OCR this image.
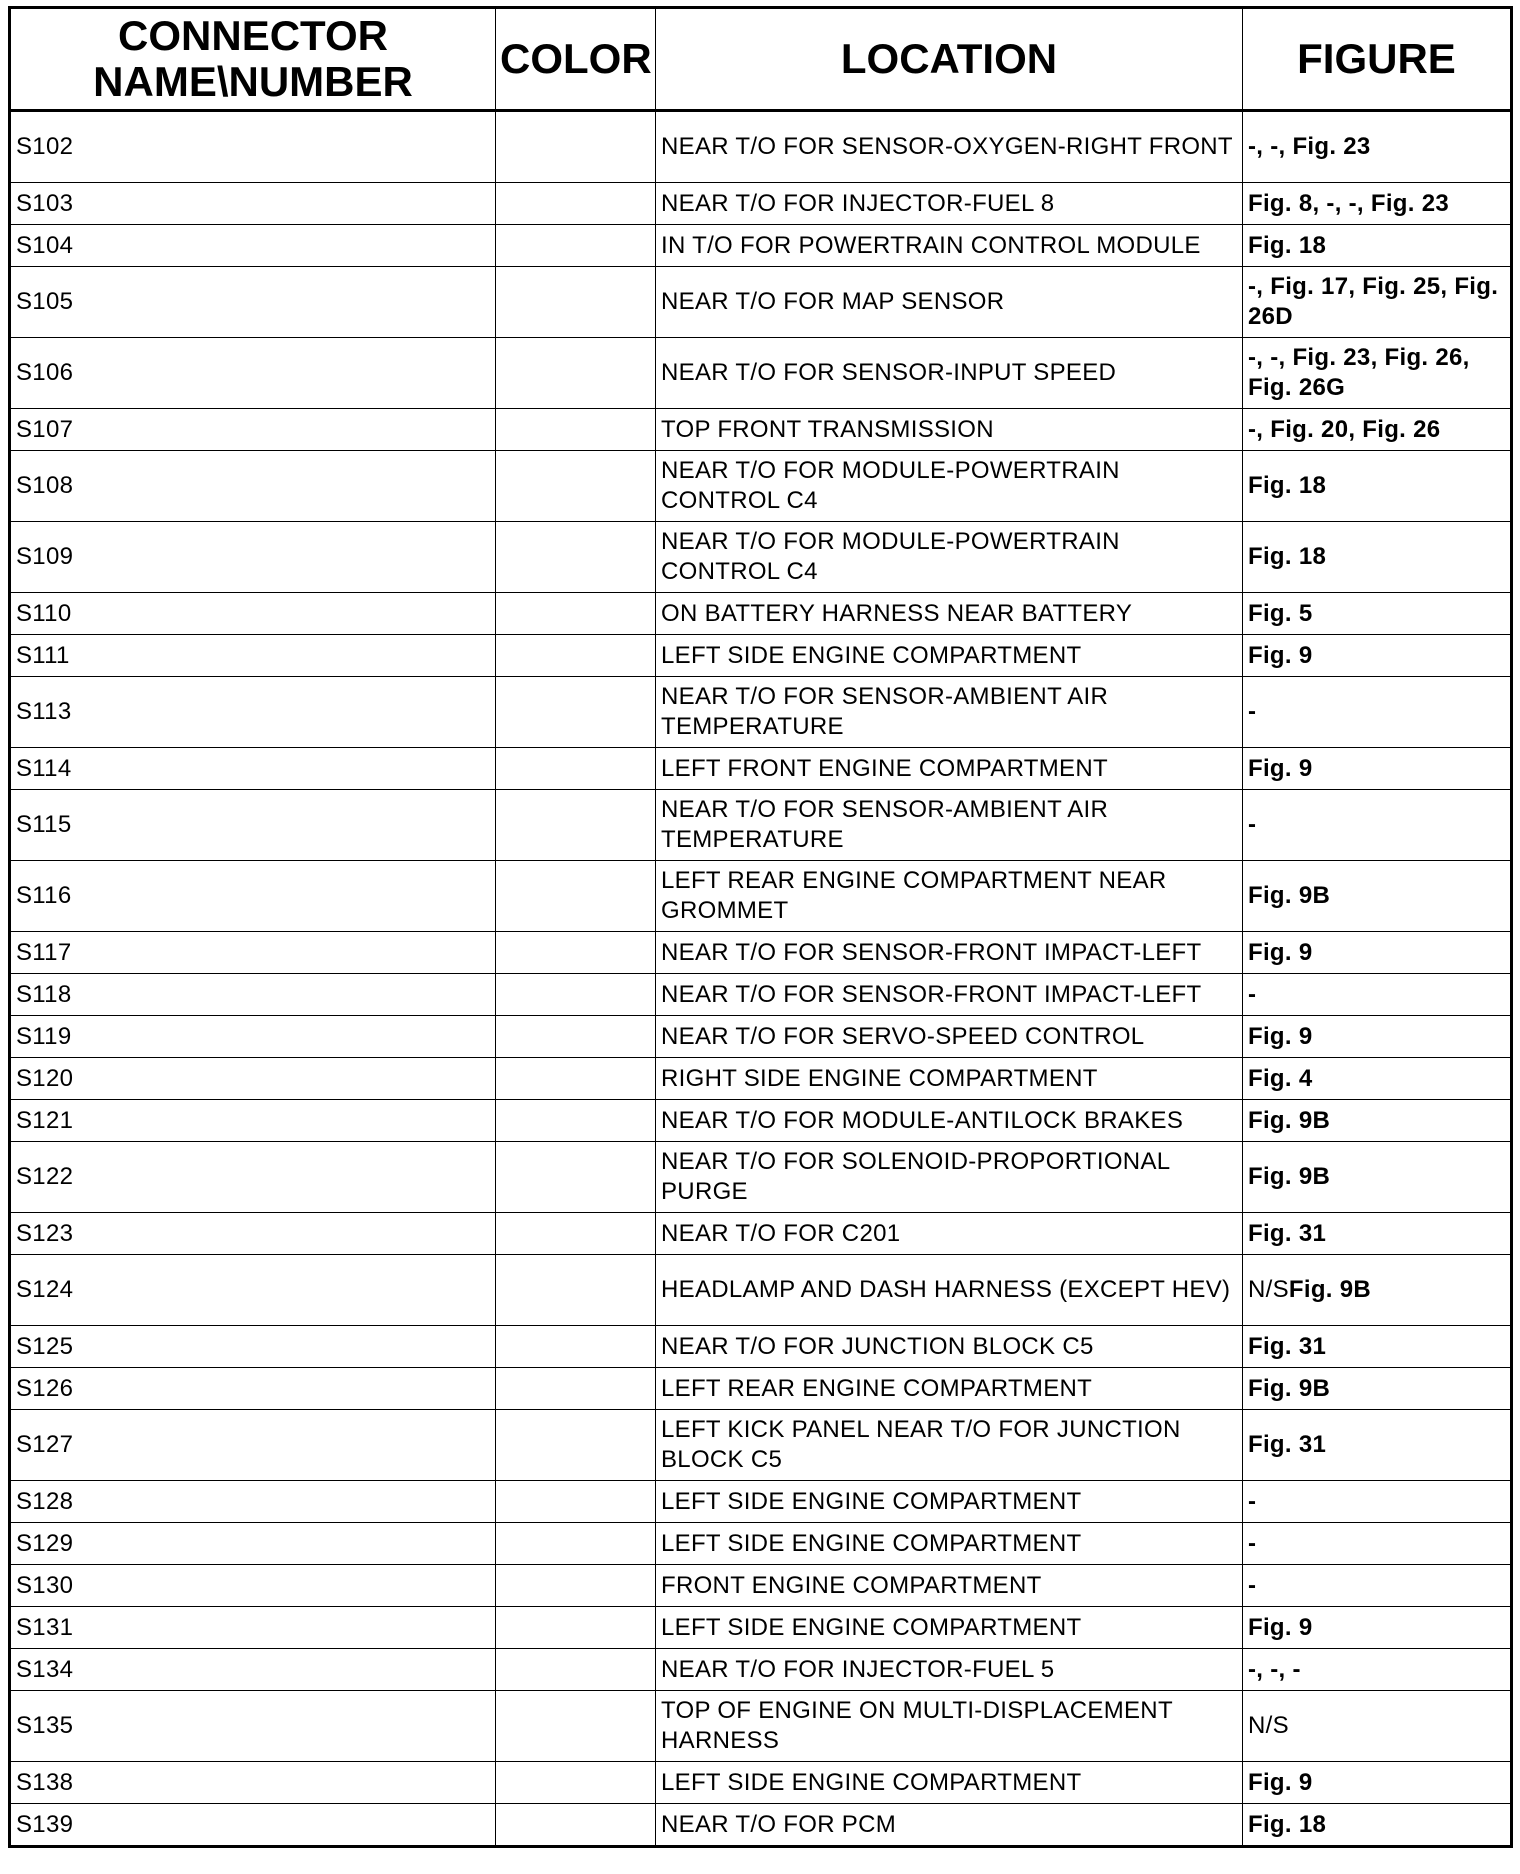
CONNECTOR
NAME\NUMBER	COLOR	LOCATION	FIGURE
S102		NEAR T/O FOR SENSOR-OXYGEN-RIGHT FRONT	-, -, Fig. 23
S103		NEAR T/O FOR INJECTOR-FUEL 8	Fig. 8, -, -, Fig. 23
S104		IN T/O FOR POWERTRAIN CONTROL MODULE	Fig. 18
S105		NEAR T/O FOR MAP SENSOR	-, Fig. 17, Fig. 25, Fig. 26D
S106		NEAR T/O FOR SENSOR-INPUT SPEED	-, -, Fig. 23, Fig. 26, Fig. 26G
S107		TOP FRONT TRANSMISSION	-, Fig. 20, Fig. 26
S108		NEAR T/O FOR MODULE-POWERTRAIN CONTROL C4	Fig. 18
S109		NEAR T/O FOR MODULE-POWERTRAIN CONTROL C4	Fig. 18
S110		ON BATTERY HARNESS NEAR BATTERY	Fig. 5
S111		LEFT SIDE ENGINE COMPARTMENT	Fig. 9
S113		NEAR T/O FOR SENSOR-AMBIENT AIR TEMPERATURE	-
S114		LEFT FRONT ENGINE COMPARTMENT	Fig. 9
S115		NEAR T/O FOR SENSOR-AMBIENT AIR TEMPERATURE	-
S116		LEFT REAR ENGINE COMPARTMENT NEAR GROMMET	Fig. 9B
S117		NEAR T/O FOR SENSOR-FRONT IMPACT-LEFT	Fig. 9
S118		NEAR T/O FOR SENSOR-FRONT IMPACT-LEFT	-
S119		NEAR T/O FOR SERVO-SPEED CONTROL	Fig. 9
S120		RIGHT SIDE ENGINE COMPARTMENT	Fig. 4
S121		NEAR T/O FOR MODULE-ANTILOCK BRAKES	Fig. 9B
S122		NEAR T/O FOR SOLENOID-PROPORTIONAL PURGE	Fig. 9B
S123		NEAR T/O FOR C201	Fig. 31
S124		HEADLAMP AND DASH HARNESS (EXCEPT HEV)	N/SFig. 9B
S125		NEAR T/O FOR JUNCTION BLOCK C5	Fig. 31
S126		LEFT REAR ENGINE COMPARTMENT	Fig. 9B
S127		LEFT KICK PANEL NEAR T/O FOR JUNCTION BLOCK C5	Fig. 31
S128		LEFT SIDE ENGINE COMPARTMENT	-
S129		LEFT SIDE ENGINE COMPARTMENT	-
S130		FRONT ENGINE COMPARTMENT	-
S131		LEFT SIDE ENGINE COMPARTMENT	Fig. 9
S134		NEAR T/O FOR INJECTOR-FUEL 5	-, -, -
S135		TOP OF ENGINE ON MULTI-DISPLACEMENT HARNESS	N/S
S138		LEFT SIDE ENGINE COMPARTMENT	Fig. 9
S139		NEAR T/O FOR PCM	Fig. 18
